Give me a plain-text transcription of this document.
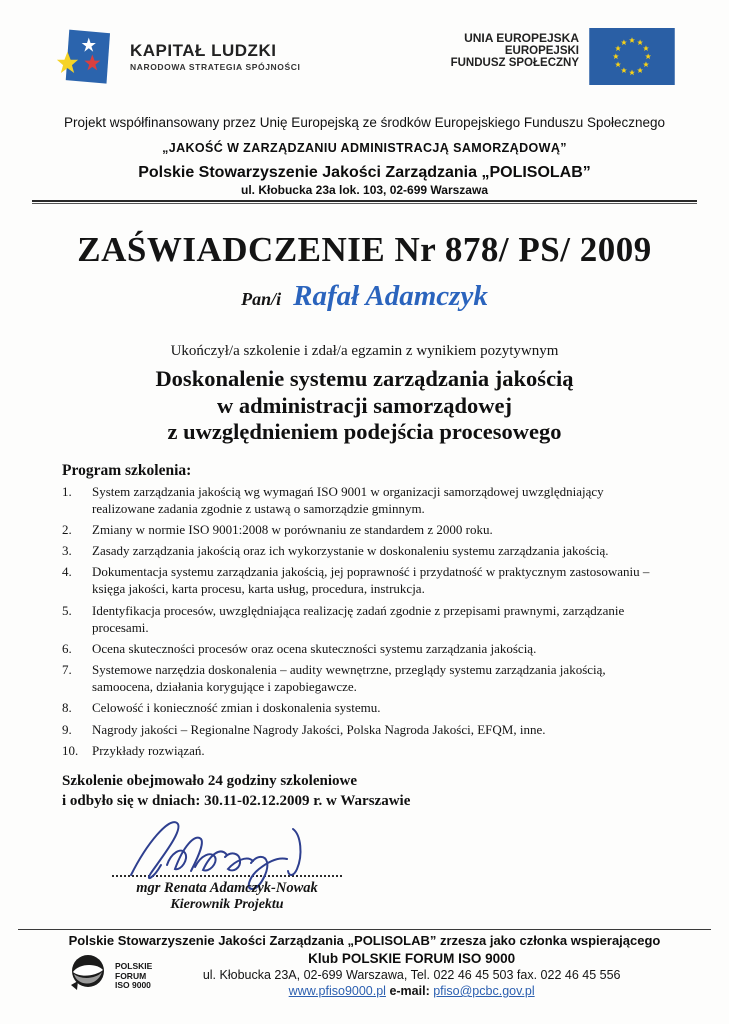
KAPITAŁ LUDZKI
NARODOWA STRATEGIA SPÓJNOŚCI
UNIA EUROPEJSKA
EUROPEJSKI
FUNDUSZ SPOŁECZNY
Projekt współfinansowany przez Unię Europejską ze środków Europejskiego Funduszu Społecznego
„JAKOŚĆ W ZARZĄDZANIU ADMINISTRACJĄ SAMORZĄDOWĄ”
Polskie Stowarzyszenie Jakości Zarządzania „POLISOLAB”
ul. Kłobucka 23a lok. 103, 02-699 Warszawa
ZAŚWIADCZENIE Nr 878/ PS/ 2009
Pan/i Rafał Adamczyk
Ukończył/a szkolenie i zdał/a egzamin z wynikiem pozytywnym
Doskonalenie systemu zarządzania jakością
w administracji samorządowej
z uwzględnieniem podejścia procesowego
Program szkolenia:
1.	System zarządzania jakością wg wymagań ISO 9001 w organizacji samorządowej uwzględniający realizowane zadania zgodnie z ustawą o samorządzie gminnym.
2.	Zmiany w normie ISO 9001:2008 w porównaniu ze standardem z 2000 roku.
3.	Zasady zarządzania jakością oraz ich wykorzystanie w doskonaleniu systemu zarządzania jakością.
4.	Dokumentacja systemu zarządzania jakością, jej poprawność i przydatność w praktycznym zastosowaniu – księga jakości, karta procesu, karta usług, procedura, instrukcja.
5.	Identyfikacja procesów, uwzględniająca realizację zadań zgodnie z przepisami prawnymi, zarządzanie procesami.
6.	Ocena skuteczności procesów oraz ocena skuteczności systemu zarządzania jakością.
7.	Systemowe narzędzia doskonalenia – audity wewnętrzne, przeglądy systemu zarządzania jakością, samoocena, działania korygujące i zapobiegawcze.
8.	Celowość i konieczność zmian i doskonalenia systemu.
9.	Nagrody jakości – Regionalne Nagrody Jakości, Polska Nagroda Jakości, EFQM, inne.
10.	Przykłady rozwiązań.
Szkolenie obejmowało 24 godziny szkoleniowe
i odbyło się w dniach: 30.11-02.12.2009 r. w Warszawie
mgr Renata Adamczyk-Nowak
Kierownik Projektu
Polskie Stowarzyszenie Jakości Zarządzania „POLISOLAB” zrzesza jako członka wspierającego
POLSKIE
FORUM
ISO 9000
Klub POLSKIE FORUM ISO 9000
ul. Kłobucka 23A, 02-699 Warszawa, Tel. 022 46 45 503 fax. 022 46 45 556
www.pfiso9000.pl e-mail: pfiso@pcbc.gov.pl
